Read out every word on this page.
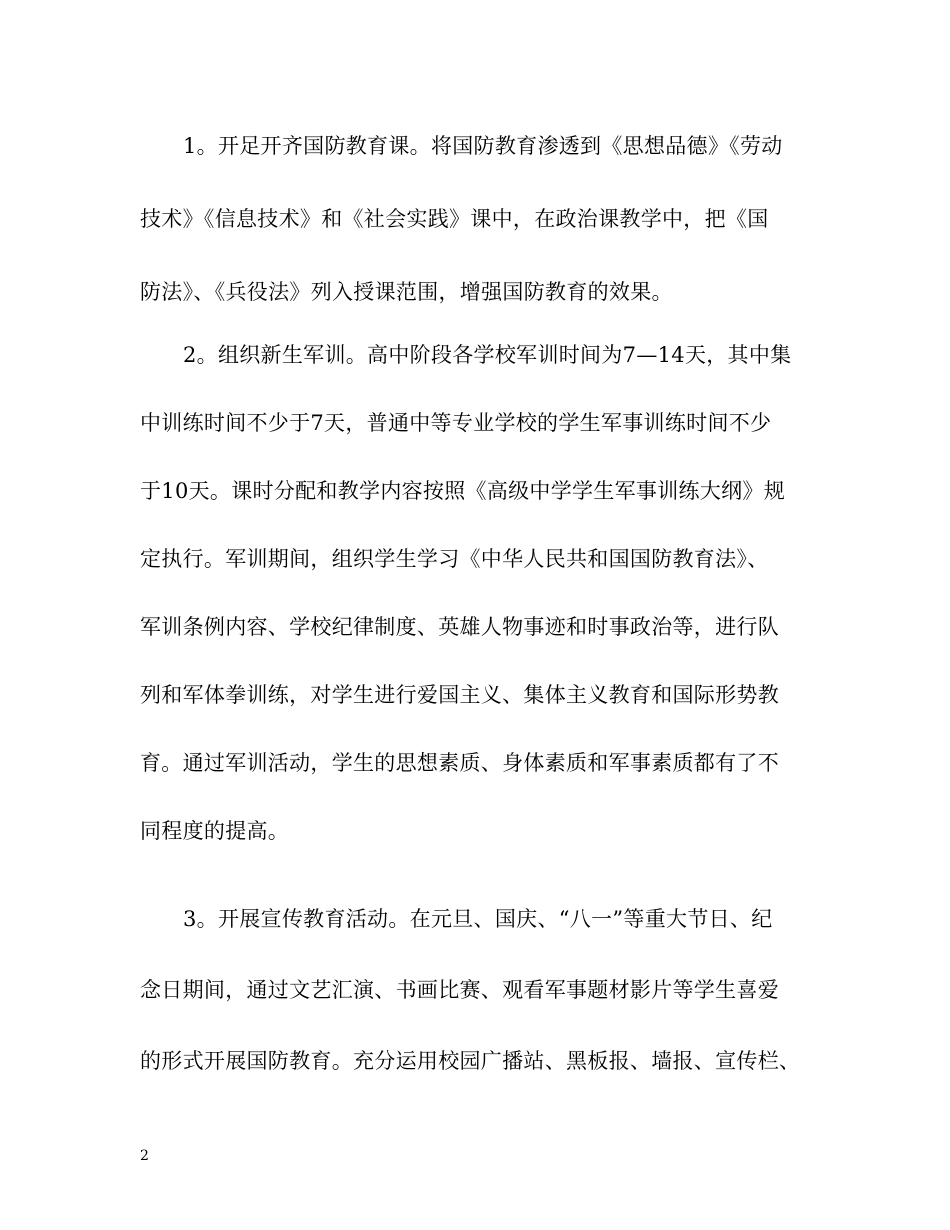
1。开足开齐国防教育课。将国防教育渗透到《思想品德》《劳动
技术》《信息技术》和《社会实践》课中，在政治课教学中，把《国
防法》、《兵役法》列入授课范围，增强国防教育的效果。
2。组织新生军训。高中阶段各学校军训时间为7—14天，其中集
中训练时间不少于7天，普通中等专业学校的学生军事训练时间不少
于10天。课时分配和教学内容按照《高级中学学生军事训练大纲》规
定执行。军训期间，组织学生学习《中华人民共和国国防教育法》、
军训条例内容、学校纪律制度、英雄人物事迹和时事政治等，进行队
列和军体拳训练，对学生进行爱国主义、集体主义教育和国际形势教
育。通过军训活动，学生的思想素质、身体素质和军事素质都有了不
同程度的提高。
3。开展宣传教育活动。在元旦、国庆、“八一”等重大节日、纪
念日期间，通过文艺汇演、书画比赛、观看军事题材影片等学生喜爱
的形式开展国防教育。充分运用校园广播站、黑板报、墙报、宣传栏、
2
